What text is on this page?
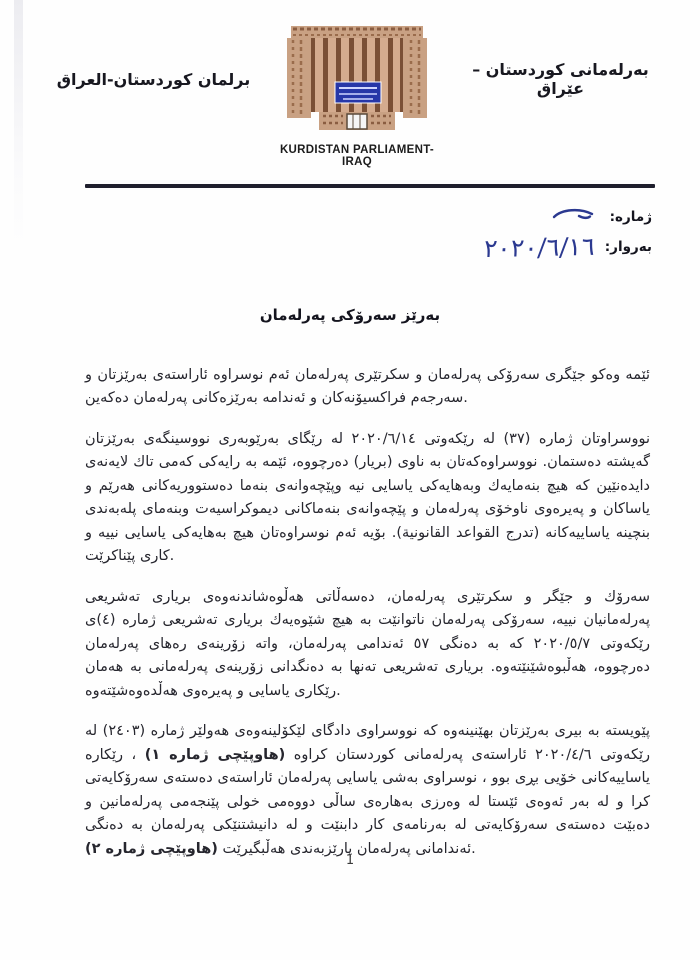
برلمان كوردستان-العراق
KURDISTAN PARLIAMENT-IRAQ
بەرلەمانی كوردستان – عێراق
ژمارە:
بەروار:
٢٠٢٠/٦/١٦
بەرێز سەرۆكی پەرلەمان

ئێمە وەكو جێگری سەرۆكی پەرلەمان و سكرتێری پەرلەمان ئەم نوسراوە ئاراستەی بەرێزتان و سەرجەم فراكسیۆنەكان و ئەندامە بەرێزەكانی پەرلەمان دەكەین.

نووسراوتان ژمارە (٣٧) لە رێكەوتی ٢٠٢٠/٦/١٤ لە رێگای بەرێوبەری نووسینگەی بەرێزتان گەیشتە دەستمان. نووسراوەكەتان بە ناوی (بریار) دەرچووە، ئێمە بە رایەكی كەمی تاك لایەنەی دایدەنێین كە هیچ بنەمایەك وبەهایەكی یاسایی نیە وپێچەوانەی بنەما دەستووریەكانی هەرێم و یاساكان و پەیرەوی ناوخۆی پەرلەمان و پێچەوانەی بنەماكانی دیموكراسیەت وبنەمای پلەبەندی بنچینە یاساییەكانە (تدرج القواعد القانونية). بۆیە ئەم نوسراوەتان هیچ بەهایەكی یاسایی نییە و كاری پێناكرێت.

سەرۆك و جێگر و سكرتێری پەرلەمان، دەسەڵاتی هەڵوەشاندنەوەی بریاری تەشریعی پەرلەمانیان نییە، سەرۆكی پەرلەمان ناتوانێت بە هیچ شێوەیەك بریاری تەشریعی ژمارە (٤)ی رێكەوتی ٢٠٢٠/٥/٧ كە بە دەنگی ٥٧ ئەندامی پەرلەمان، واتە زۆرینەی رەهای پەرلەمان دەرچووە، هەڵبوەشێنێتەوە. بریاری تەشریعی تەنها بە دەنگدانی زۆرینەی پەرلەمانی بە هەمان رێكاری یاسایی و پەیرەوی هەڵدەوەشێتەوە.

پێویستە بە بیری بەرێزتان بهێنینەوە كە نووسراوی دادگای لێكۆلینەوەی هەولێر ژمارە (٢٤٠٣) لە رێكەوتی ٢٠٢٠/٤/٦ ئاراستەی پەرلەمانی كوردستان كراوە (هاوپێچی ژمارە ١) ، رێكارە یاساییەكانی خۆیی بڕی بوو ، نوسراوی بەشی یاسایی پەرلەمان ئاراستەی دەستەی سەرۆكایەتی كرا و لە بەر ئەوەی ئێستا لە وەرزی بەهارەی ساڵی دووەمی خولی پێنجەمی پەرلەمانین و دەبێت دەستەی سەرۆكایەتی لە بەرنامەی كار دابنێت و لە دانیشتنێكی پەرلەمان بە دەنگی ئەندامانی پەرلەمان پارێزبەندی هەڵبگیرێت (هاوپێچی ژمارە ٢)	.

1
